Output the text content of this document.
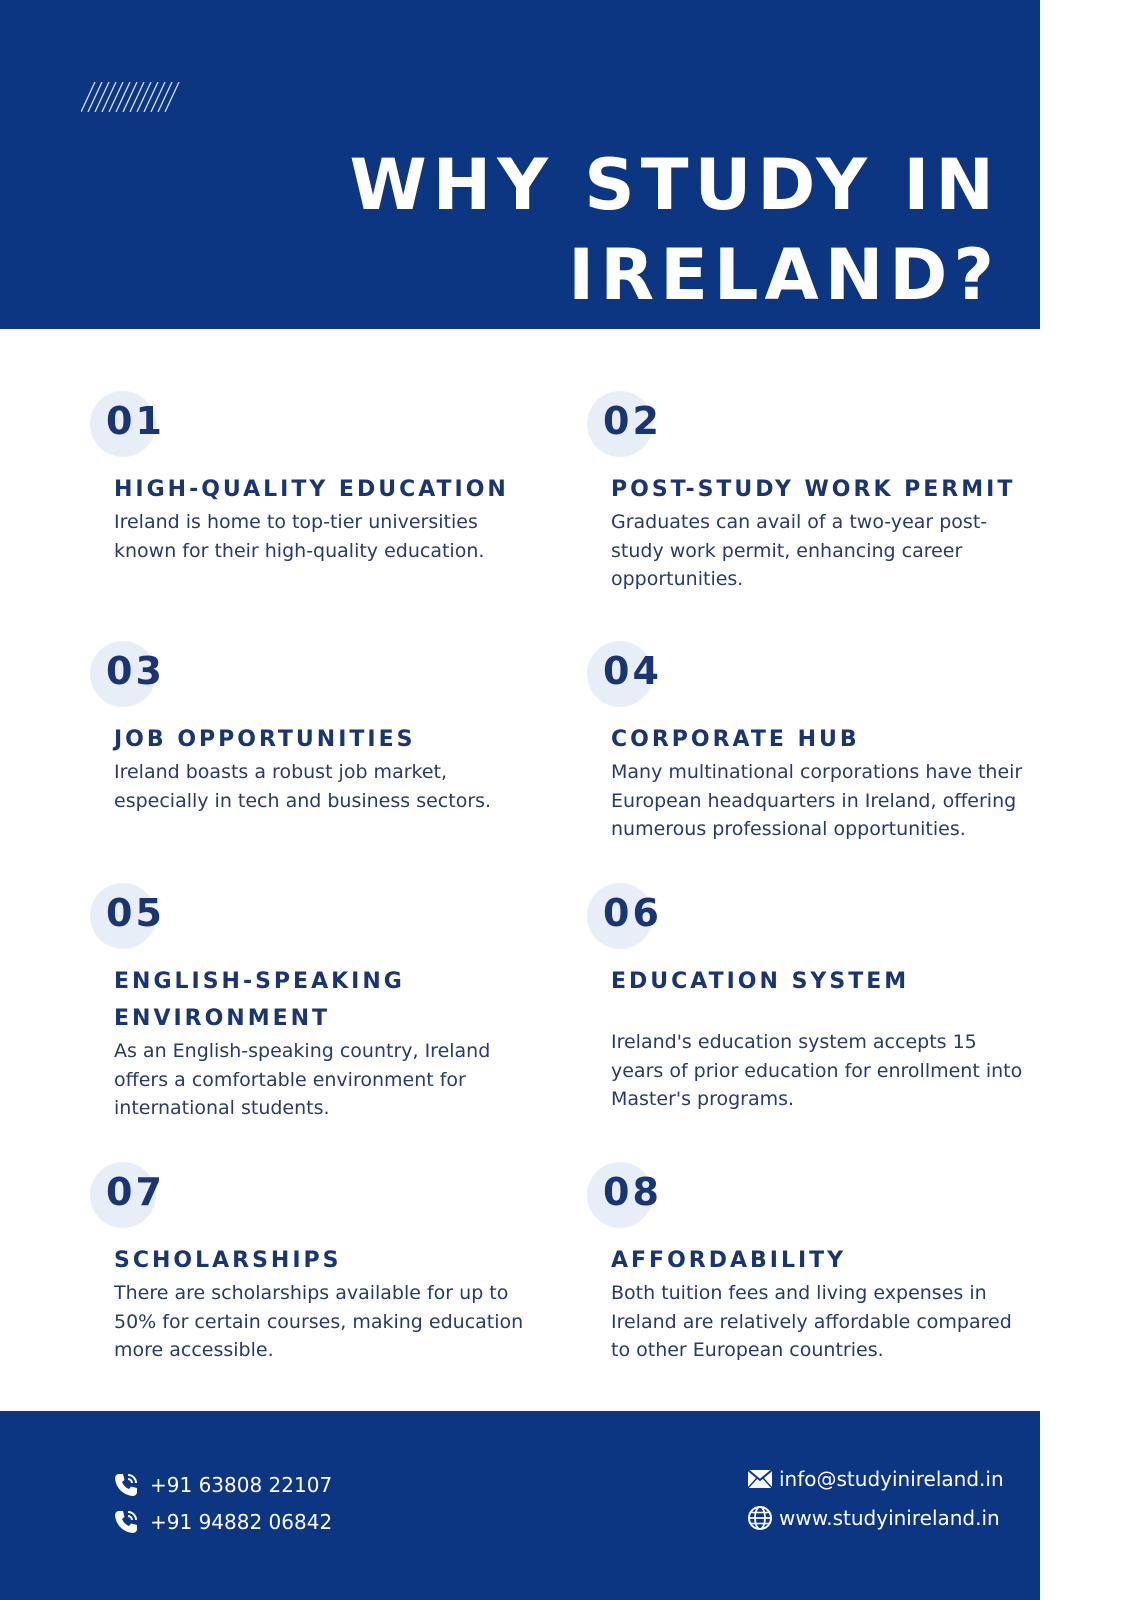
WHY STUDY IN
IRELAND?
01
HIGH-QUALITY EDUCATION

Ireland is home to top-tier universities known for their high-quality education.

02
POST-STUDY WORK PERMIT

Graduates can avail of a two-year post-study work permit, enhancing career opportunities.

03
JOB OPPORTUNITIES

Ireland boasts a robust job market, especially in tech and business sectors.

04
CORPORATE HUB

Many multinational corporations have their European headquarters in Ireland, offering numerous professional opportunities.

05
ENGLISH-SPEAKING ENVIRONMENT

As an English-speaking country, Ireland offers a comfortable environment for international students.

06
EDUCATION SYSTEM

Ireland's education system accepts 15 years of prior education for enrollment into Master's programs.

07
SCHOLARSHIPS

There are scholarships available for up to 50% for certain courses, making education more accessible.

08
AFFORDABILITY

Both tuition fees and living expenses in Ireland are relatively affordable compared to other European countries.

+91 63808 22107
+91 94882 06842
info@studyinireland.in
www.studyinireland.in
